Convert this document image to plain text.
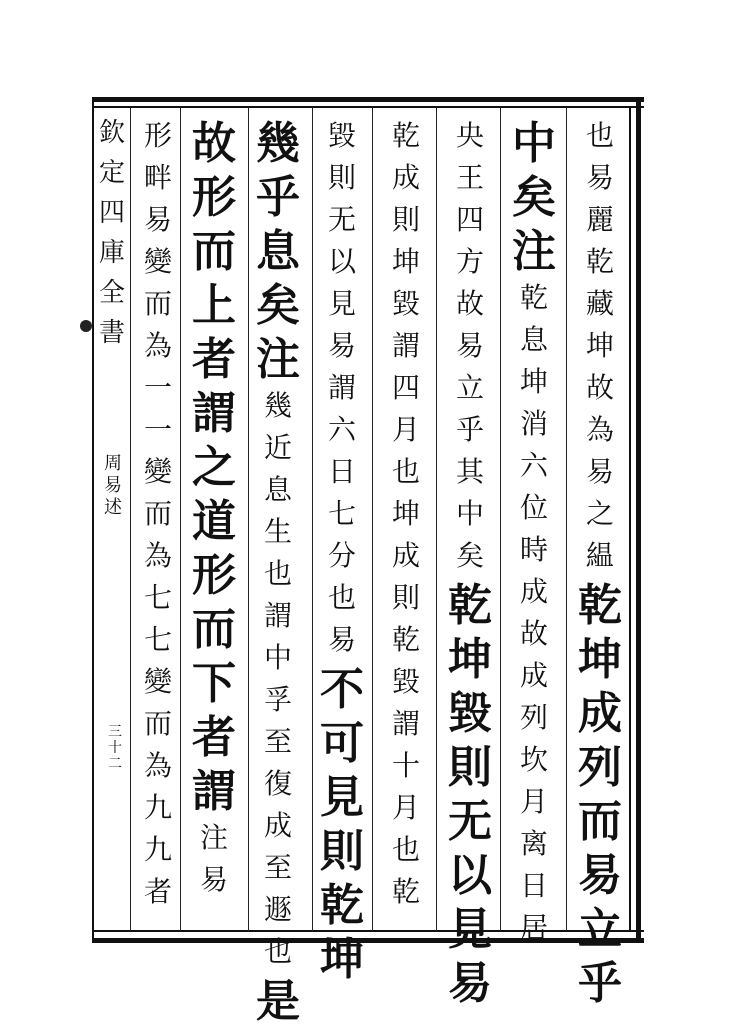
欽
定
四
庫
全
書
周
易
述
三
十
二
也
易
麗
乾
藏
坤
故
為
易
之
緼
乾
坤
成
列
而
易
立
乎
中
矣
注
乾
息
坤
消
六
位
時
成
故
成
列
坎
月
离
日
居
央
王
四
方
故
易
立
乎
其
中
矣
乾
坤
毀
則
无
以
見
易
乾
成
則
坤
毀
謂
四
月
也
坤
成
則
乾
毀
謂
十
月
也
乾
毀
則
无
以
見
易
謂
六
日
七
分
也
易
不
可
見
則
乾
坤
幾
乎
息
矣
注
幾
近
息
生
也
謂
中
孚
至
復
成
至
遯
也
是
故
形
而
上
者
謂
之
道
形
而
下
者
謂
注
易
形
畔
易
變
而
為
一
一
變
而
為
七
七
變
而
為
九
九
者
